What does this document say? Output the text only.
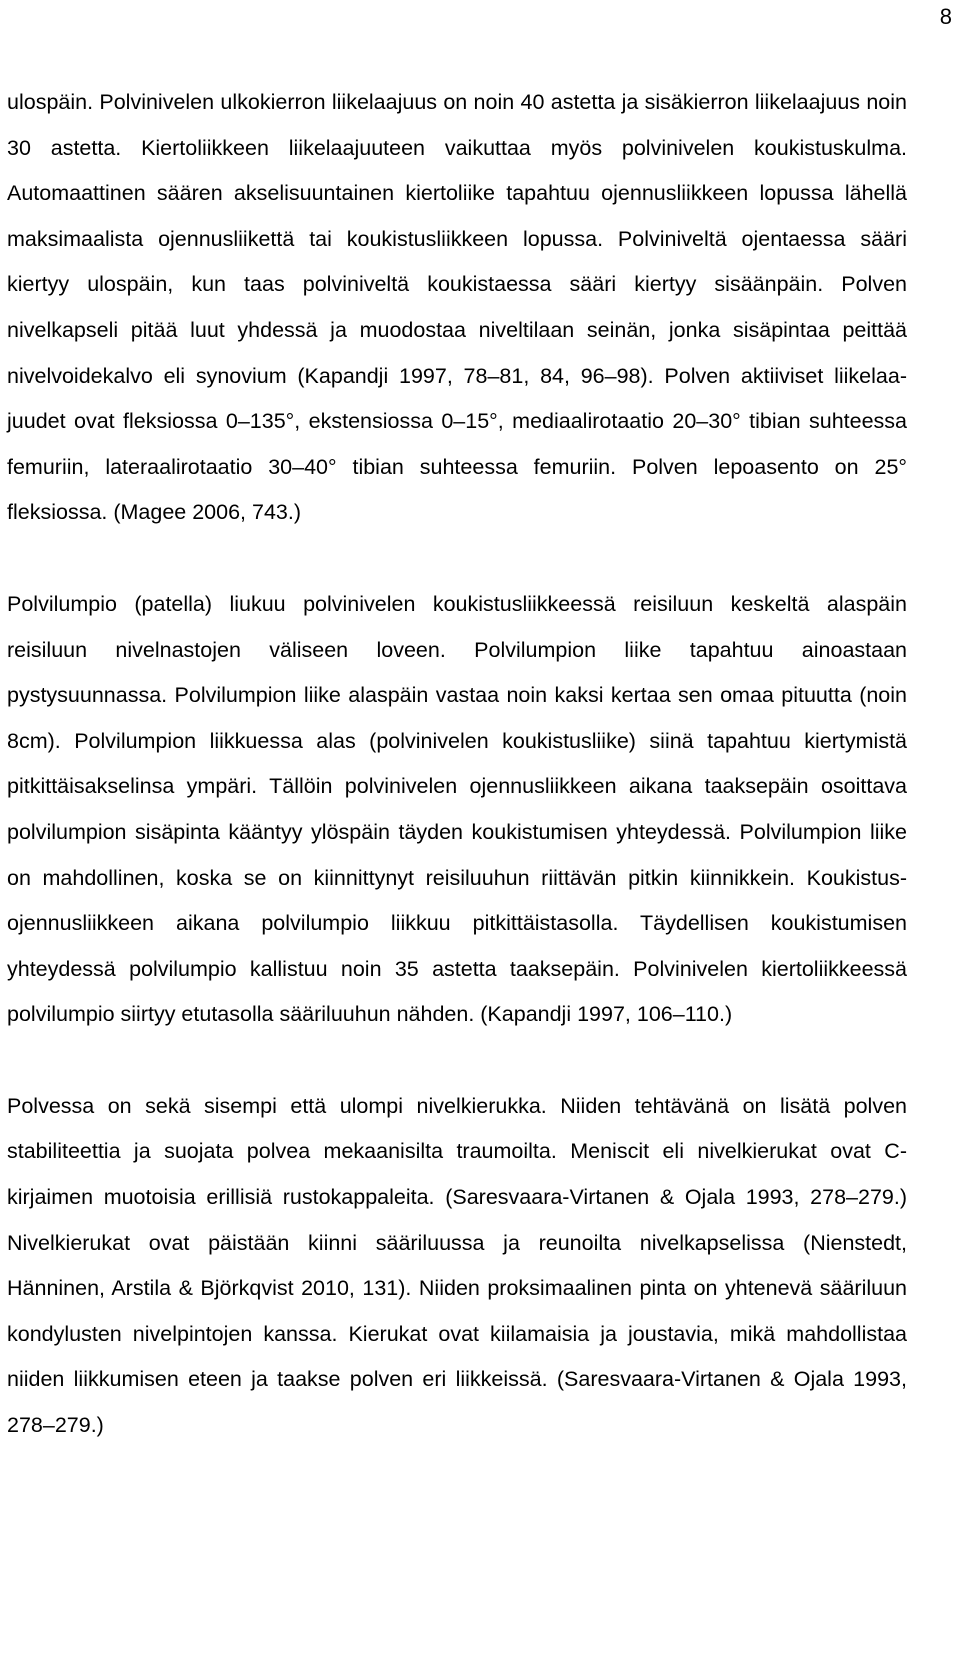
8

ulospäin. Polvinivelen ulkokierron liikelaajuus on noin 40 astetta ja sisäkierron liikelaajuus noin 30 astetta. Kiertoliikkeen liikelaajuuteen vaikuttaa myös polvinivelen koukistuskulma. Automaattinen säären akselisuuntainen kiertoliike tapahtuu ojennusliikkeen lopussa lähellä maksimaalista ojennusliikettä tai koukistusliikkeen lopussa. Polviniveltä ojentaessa sääri kiertyy ulospäin, kun taas polviniveltä koukistaessa sääri kiertyy sisäänpäin. Polven nivelkapseli pitää luut yhdessä ja muodostaa niveltilaan seinän, jonka sisäpintaa peittää nivelvoidekalvo eli synovium (Kapandji 1997, 78–81, 84, 96–98). Polven aktiiviset liikelaajuudet ovat fleksiossa 0–135°, ekstensiossa 0–15°, mediaalirotaatio 20–30° tibian suhteessa femuriin, lateraalirotaatio 30–40° tibian suhteessa femuriin. Polven lepoasento on 25° fleksiossa. (Magee 2006, 743.)

Polvilumpio (patella) liukuu polvinivelen koukistusliikkeessä reisiluun keskeltä alaspäin reisiluun nivelnastojen väliseen loveen. Polvilumpion liike tapahtuu ainoastaan pystysuunnassa. Polvilumpion liike alaspäin vastaa noin kaksi kertaa sen omaa pituutta (noin 8cm). Polvilumpion liikkuessa alas (polvinivelen koukistusliike) siinä tapahtuu kiertymistä pitkittäisakselinsa ympäri. Tällöin polvinivelen ojennusliikkeen aikana taaksepäin osoittava polvilumpion sisäpinta kääntyy ylöspäin täyden koukistumisen yhteydessä. Polvilumpion liike on mahdollinen, koska se on kiinnittynyt reisiluuhun riittävän pitkin kiinnikkein. Koukistus-ojennusliikkeen aikana polvilumpio liikkuu pitkittäistasolla. Täydellisen koukistumisen yhteydessä polvilumpio kallistuu noin 35 astetta taaksepäin. Polvinivelen kiertoliikkeessä polvilumpio siirtyy etutasolla sääriluuhun nähden. (Kapandji 1997, 106–110.)

Polvessa on sekä sisempi että ulompi nivelkierukka. Niiden tehtävänä on lisätä polven stabiliteettia ja suojata polvea mekaanisilta traumoilta. Meniscit eli nivelkierukat ovat C-kirjaimen muotoisia erillisiä rustokappaleita. (Saresvaara-Virtanen & Ojala 1993, 278–279.) Nivelkierukat ovat päistään kiinni sääriluussa ja reunoilta nivelkapselissa (Nienstedt, Hänninen, Arstila & Björkqvist 2010, 131). Niiden proksimaalinen pinta on yhtenevä sääriluun kondylusten nivelpintojen kanssa. Kierukat ovat kiilamaisia ja joustavia, mikä mahdollistaa niiden liikkumisen eteen ja taakse polven eri liikkeissä. (Saresvaara-Virtanen & Ojala 1993, 278–279.)
